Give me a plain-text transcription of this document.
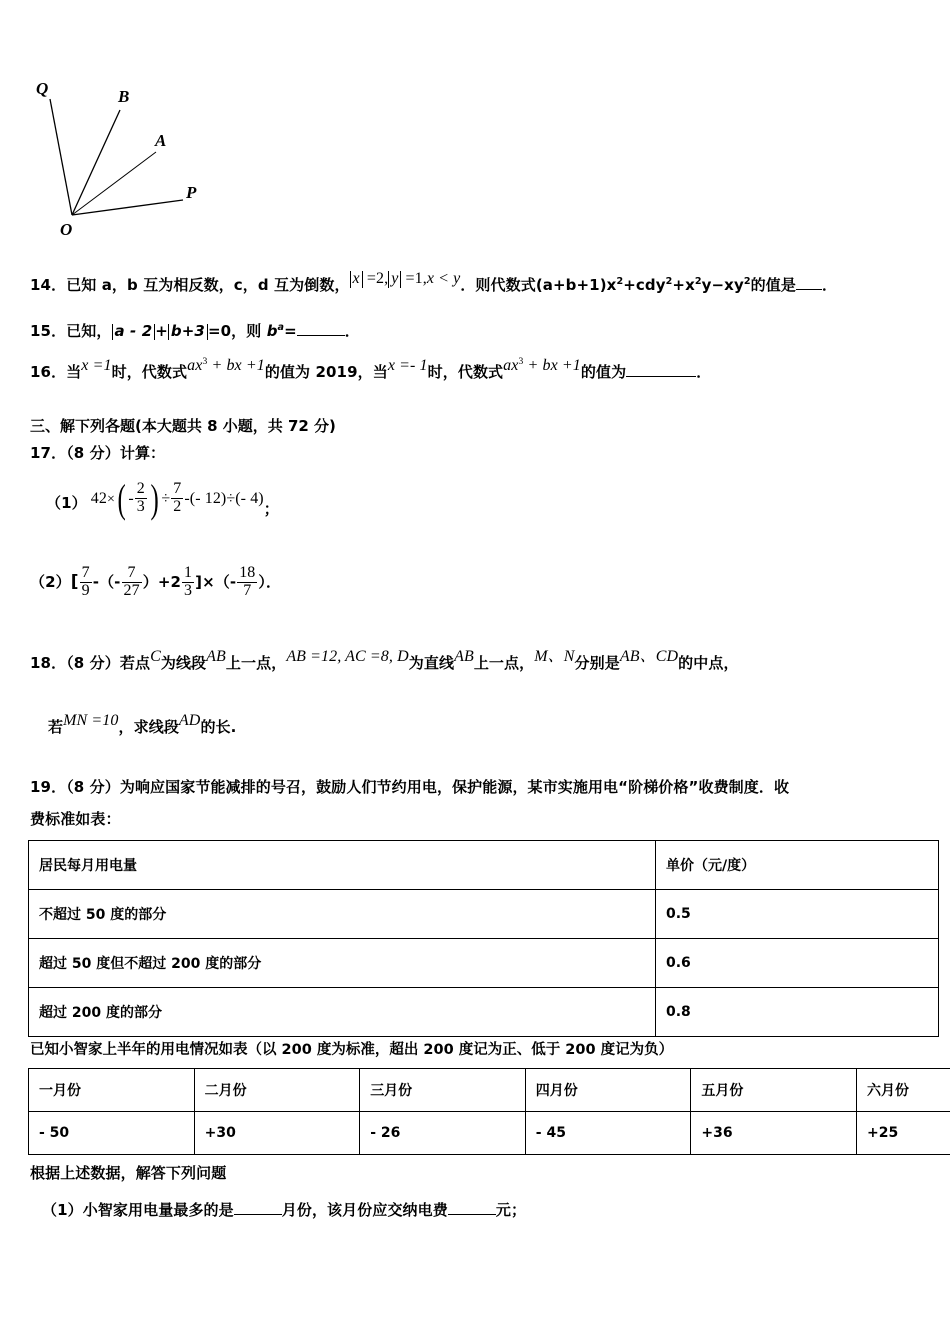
Q	B
A
P
O
14．已知 a，b 互为相反数，c，d 互为倒数， x =2, y =1,x < y．则代数式$(a+b+1)x^2+cdy^2+x^2y-xy^2$的值是 ．
15．已知， a - 2 + b+3 =0，则 $b^a=$	．
16．当x =1时，代数式$ax^3$ + bx +1的值为 2019，当x =- 1时，代数式$ax^3$ + bx +1的值为	．
三、解下列各题(本大题共 8 小题，共 72 分)
17．（8 分）计算：
（1） $42\times( - \frac{2}{3}$ ) ÷ $\frac{7}{2}$ -(- 12)÷(- 4)；
$(2)[ \frac{7}{9}$ -（- $\frac{7}{27} )+2 \frac{1}{3}$ ]×（- $\frac{18}{7}$ ）．
18．（8 分）若点C为线段AB上一点，AB =12, AC =8, D为直线AB上一点，M、N分别是AB、CD的中点，
若MN =10，求线段AD的长.
19．（8 分）为响应国家节能减排的号召，鼓励人们节约用电，保护能源，某市实施用电“阶梯价格”收费制度．收
费标准如表：
居民每月用电量	单价（元/度）
不超过 50 度的部分	0.5
超过 50 度但不超过 200 度的部分	0.6
超过 200 度的部分	0.8
已知小智家上半年的用电情况如表（以 200 度为标准，超出 200 度记为正、低于 200 度记为负）
一月份	二月份	三月份	四月份	五月份	六月份
- 50	+30	- 26	- 45	+36	+25
根据上述数据，解答下列问题
（1）小智家用电量最多的是	月份，该月份应交纳电费	元；
